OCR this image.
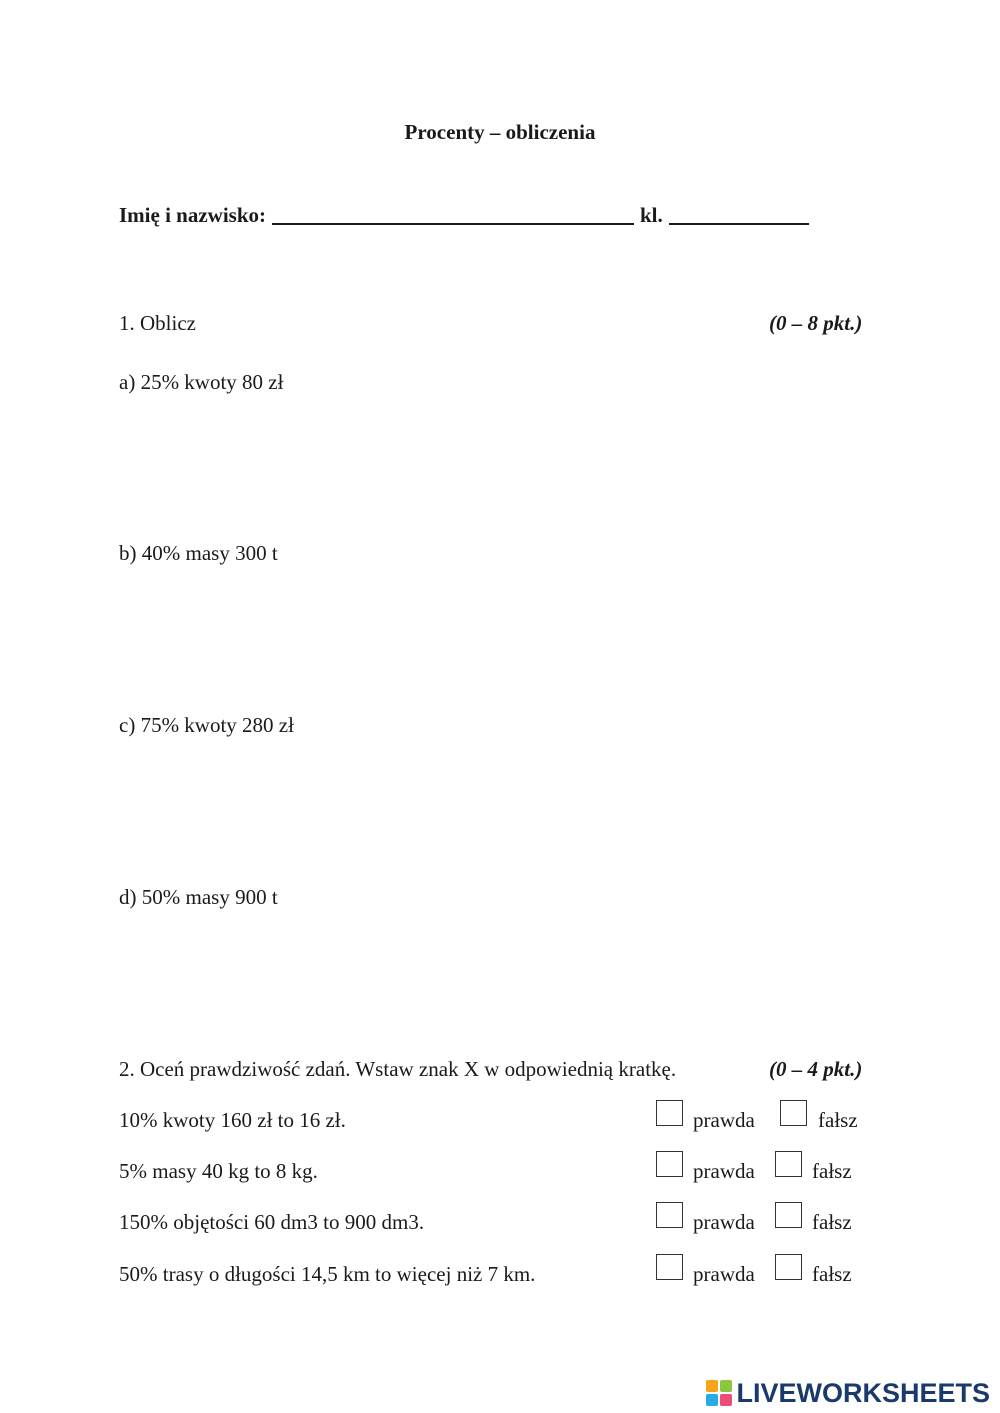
Procenty – obliczenia
Imię i nazwisko:	kl.
1. Oblicz	(0 – 8 pkt.)
a) 25% kwoty 80 zł
b) 40% masy 300 t
c) 75% kwoty 280 zł
d) 50% masy 900 t
2. Oceń prawdziwość zdań. Wstaw znak X w odpowiednią kratkę.	(0 – 4 pkt.)
10% kwoty 160 zł to 16 zł.	prawda	fałsz
5% masy 40 kg to 8 kg.	prawda	fałsz
150% objętości 60 dm3 to 900 dm3.	prawda	fałsz
50% trasy o długości 14,5 km to więcej niż 7 km.	prawda	fałsz
LIVEWORKSHEETS
